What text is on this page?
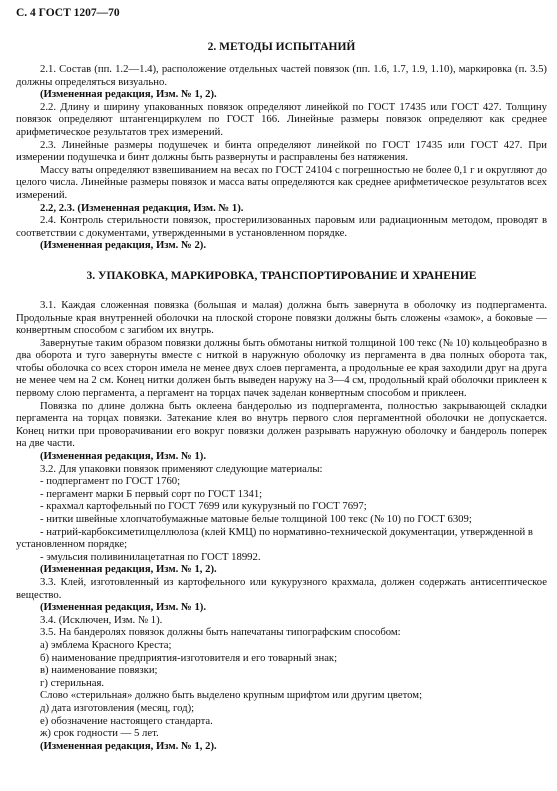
С. 4 ГОСТ 1207—70
2. МЕТОДЫ ИСПЫТАНИЙ

2.1. Состав (пп. 1.2—1.4), расположение отдельных частей повязок (пп. 1.6, 1.7, 1.9, 1.10), маркировка (п. 3.5) должны определяться визуально.

(Измененная редакция, Изм. № 1, 2).

2.2. Длину и ширину упакованных повязок определяют линейкой по ГОСТ 17435 или ГОСТ 427. Толщину повязок определяют штангенциркулем по ГОСТ 166. Линейные размеры повязок определяют как среднее арифметическое результатов трех измерений.

2.3. Линейные размеры подушечек и бинта определяют линейкой по ГОСТ 17435 или ГОСТ 427. При измерении подушечка и бинт должны быть развернуты и расправлены без натяжения.

Массу ваты определяют взвешиванием на весах по ГОСТ 24104 с погрешностью не более 0,1 г и округляют до целого числа. Линейные размеры повязок и масса ваты определяются как среднее арифметическое результатов всех измерений.

2.2, 2.3. (Измененная редакция, Изм. № 1).

2.4. Контроль стерильности повязок, простерилизованных паровым или радиационным методом, проводят в соответствии с документами, утвержденными в установленном порядке.

(Измененная редакция, Изм. № 2).

3. УПАКОВКА, МАРКИРОВКА, ТРАНСПОРТИРОВАНИЕ И ХРАНЕНИЕ

3.1. Каждая сложенная повязка (большая и малая) должна быть завернута в оболочку из подпергамента. Продольные края внутренней оболочки на плоской стороне повязки должны быть сложены «замок», а боковые — конвертным способом с загибом их внутрь.

Завернутые таким образом повязки должны быть обмотаны ниткой толщиной 100 текс (№ 10) кольцеобразно в два оборота и туго завернуты вместе с ниткой в наружную оболочку из пергамента в два полных оборота так, чтобы оболочка со всех сторон имела не менее двух слоев пергамента, а продольные ее края заходили друг на друга не менее чем на 2 см. Конец нитки должен быть выведен наружу на 3—4 см, продольный край оболочки приклеен к первому слою пергамента, а пергамент на торцах пачек заделан конвертным способом и приклеен.

Повязка по длине должна быть оклеена бандеролью из подпергамента, полностью закрывающей складки пергамента на торцах повязки. Затекание клея во внутрь первого слоя пергаментной оболочки не допускается. Конец нитки при проворачивании его вокруг повязки должен разрывать наружную оболочку и бандероль поперек на две части.

(Измененная редакция, Изм. № 1).

3.2. Для упаковки повязок применяют следующие материалы:

- подпергамент по ГОСТ 1760;

- пергамент марки Б первый сорт по ГОСТ 1341;

- крахмал картофельный по ГОСТ 7699 или кукурузный по ГОСТ 7697;

- нитки швейные хлопчатобумажные матовые белые толщиной 100 текс (№ 10) по ГОСТ 6309;

- натрий-карбоксиметилцеллюлоза (клей КМЦ) по нормативно-технической документации, утвержденной в установленном порядке;

- эмульсия поливинилацетатная по ГОСТ 18992.

(Измененная редакция, Изм. № 1, 2).

3.3. Клей, изготовленный из картофельного или кукурузного крахмала, должен содержать антисептическое вещество.

(Измененная редакция, Изм. № 1).

3.4. (Исключен, Изм. № 1).

3.5. На бандеролях повязок должны быть напечатаны типографским способом:

а) эмблема Красного Креста;

б) наименование предприятия-изготовителя и его товарный знак;

в) наименование повязки;

г) стерильная.

Слово «стерильная» должно быть выделено крупным шрифтом или другим цветом;

д) дата изготовления (месяц, год);

е) обозначение настоящего стандарта.

ж) срок годности — 5 лет.

(Измененная редакция, Изм. № 1, 2).
